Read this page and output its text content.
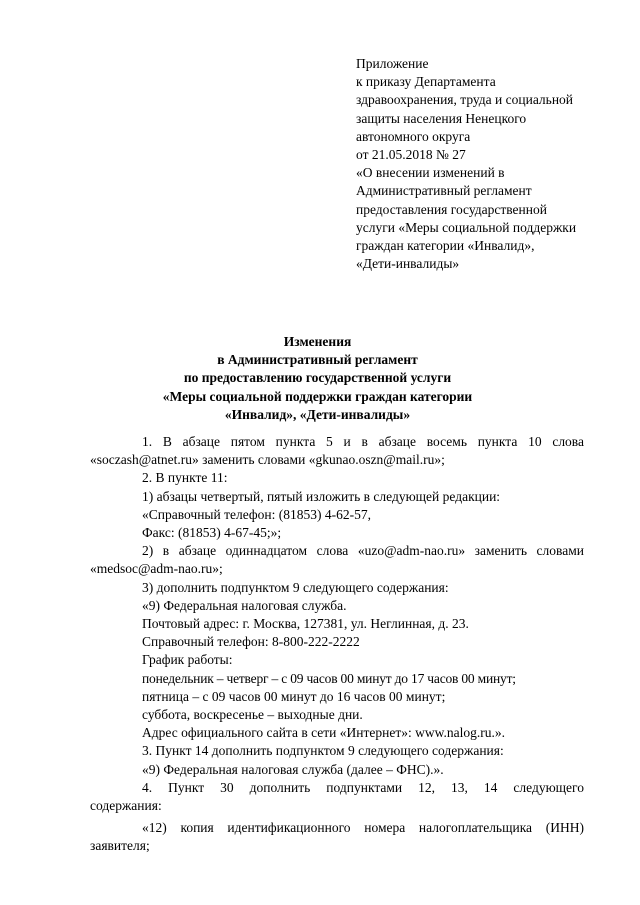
Приложение
к приказу Департамента
здравоохранения, труда и социальной
защиты населения Ненецкого
автономного округа
от 21.05.2018 № 27
«О внесении изменений в
Административный регламент
предоставления государственной
услуги «Меры социальной поддержки
граждан категории «Инвалид»,
«Дети-инвалиды»
Изменения
в Административный регламент
по предоставлению государственной услуги
«Меры социальной поддержки граждан категории
«Инвалид», «Дети-инвалиды»
1. В абзаце пятом пункта 5 и в абзаце восемь пункта 10 слова
«soczash@atnet.ru» заменить словами «gkunao.oszn@mail.ru»;
2. В пункте 11:
1) абзацы четвертый, пятый изложить в следующей редакции:
«Справочный телефон: (81853) 4-62-57,
Факс: (81853) 4-67-45;»;
2) в абзаце одиннадцатом слова «uzo@adm-nao.ru» заменить словами
«medsoc@adm-nao.ru»;
3) дополнить подпунктом 9 следующего содержания:
«9) Федеральная налоговая служба.
Почтовый адрес: г. Москва, 127381, ул. Неглинная, д. 23.
Справочный телефон: 8-800-222-2222
График работы:
понедельник – четверг – с 09 часов 00 минут до 17 часов 00 минут;
пятница – с 09 часов 00 минут до 16 часов 00 минут;
суббота, воскресенье – выходные дни.
Адрес официального сайта в сети «Интернет»: www.nalog.ru.».
3. Пункт 14 дополнить подпунктом 9 следующего содержания:
«9) Федеральная налоговая служба (далее – ФНС).».
4. Пункт 30 дополнить подпунктами 12, 13, 14 следующего
содержания:
«12) копия идентификационного номера налогоплательщика (ИНН)
заявителя;
